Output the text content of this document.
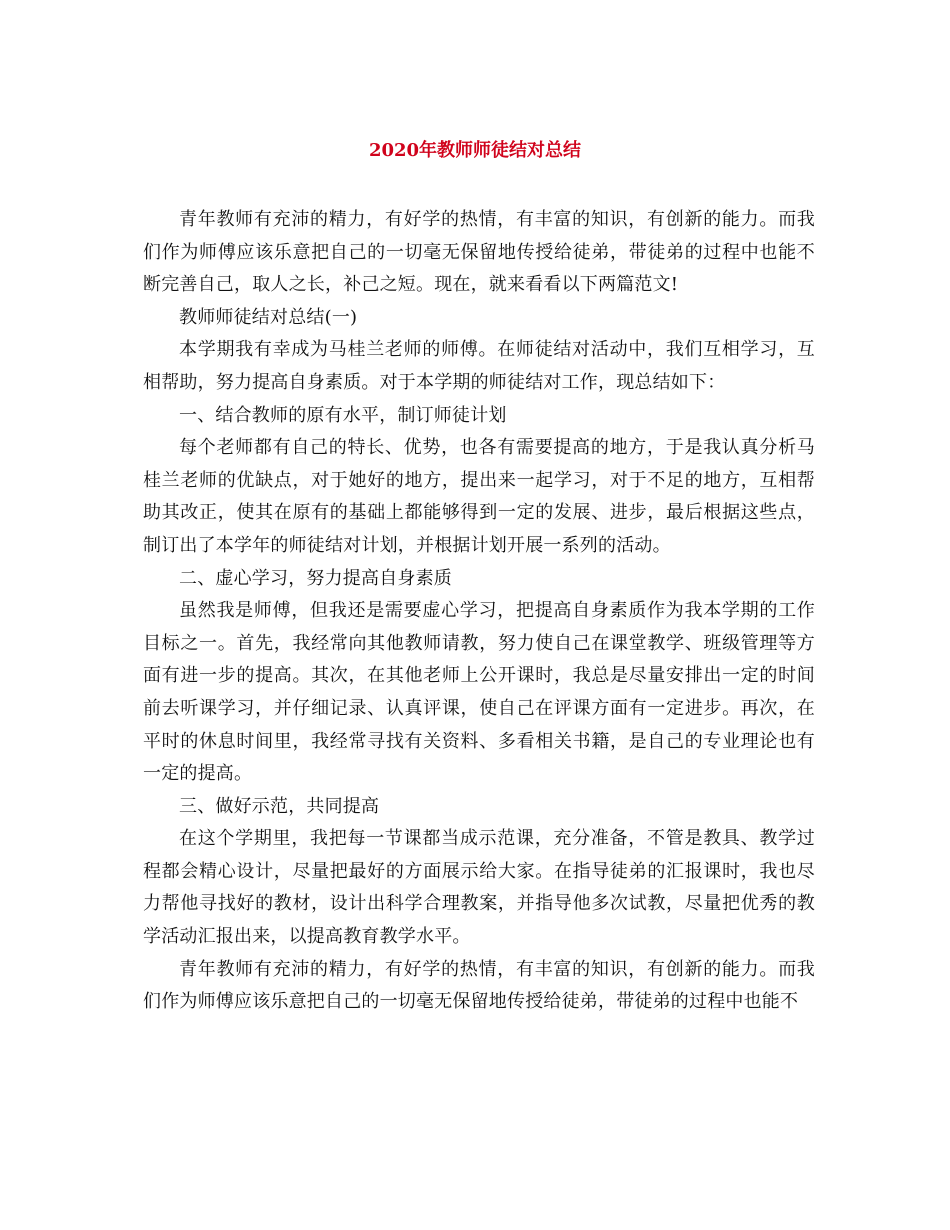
2020年教师师徒结对总结

青年教师有充沛的精力，有好学的热情，有丰富的知识，有创新的能力。而我们作为师傅应该乐意把自己的一切毫无保留地传授给徒弟，带徒弟的过程中也能不断完善自己，取人之长，补己之短。现在，就来看看以下两篇范文!

教师师徒结对总结(一)

本学期我有幸成为马桂兰老师的师傅。在师徒结对活动中，我们互相学习，互相帮助，努力提高自身素质。对于本学期的师徒结对工作，现总结如下：

一、结合教师的原有水平，制订师徒计划

每个老师都有自己的特长、优势，也各有需要提高的地方，于是我认真分析马桂兰老师的优缺点，对于她好的地方，提出来一起学习，对于不足的地方，互相帮助其改正，使其在原有的基础上都能够得到一定的发展、进步，最后根据这些点，制订出了本学年的师徒结对计划，并根据计划开展一系列的活动。

二、虚心学习，努力提高自身素质

虽然我是师傅，但我还是需要虚心学习，把提高自身素质作为我本学期的工作目标之一。首先，我经常向其他教师请教，努力使自己在课堂教学、班级管理等方面有进一步的提高。其次，在其他老师上公开课时，我总是尽量安排出一定的时间前去听课学习，并仔细记录、认真评课，使自己在评课方面有一定进步。再次，在平时的休息时间里，我经常寻找有关资料、多看相关书籍，是自己的专业理论也有一定的提高。

三、做好示范，共同提高

在这个学期里，我把每一节课都当成示范课，充分准备，不管是教具、教学过程都会精心设计，尽量把最好的方面展示给大家。在指导徒弟的汇报课时，我也尽力帮他寻找好的教材，设计出科学合理教案，并指导他多次试教，尽量把优秀的教学活动汇报出来，以提高教育教学水平。

青年教师有充沛的精力，有好学的热情，有丰富的知识，有创新的能力。而我们作为师傅应该乐意把自己的一切毫无保留地传授给徒弟，带徒弟的过程中也能不
